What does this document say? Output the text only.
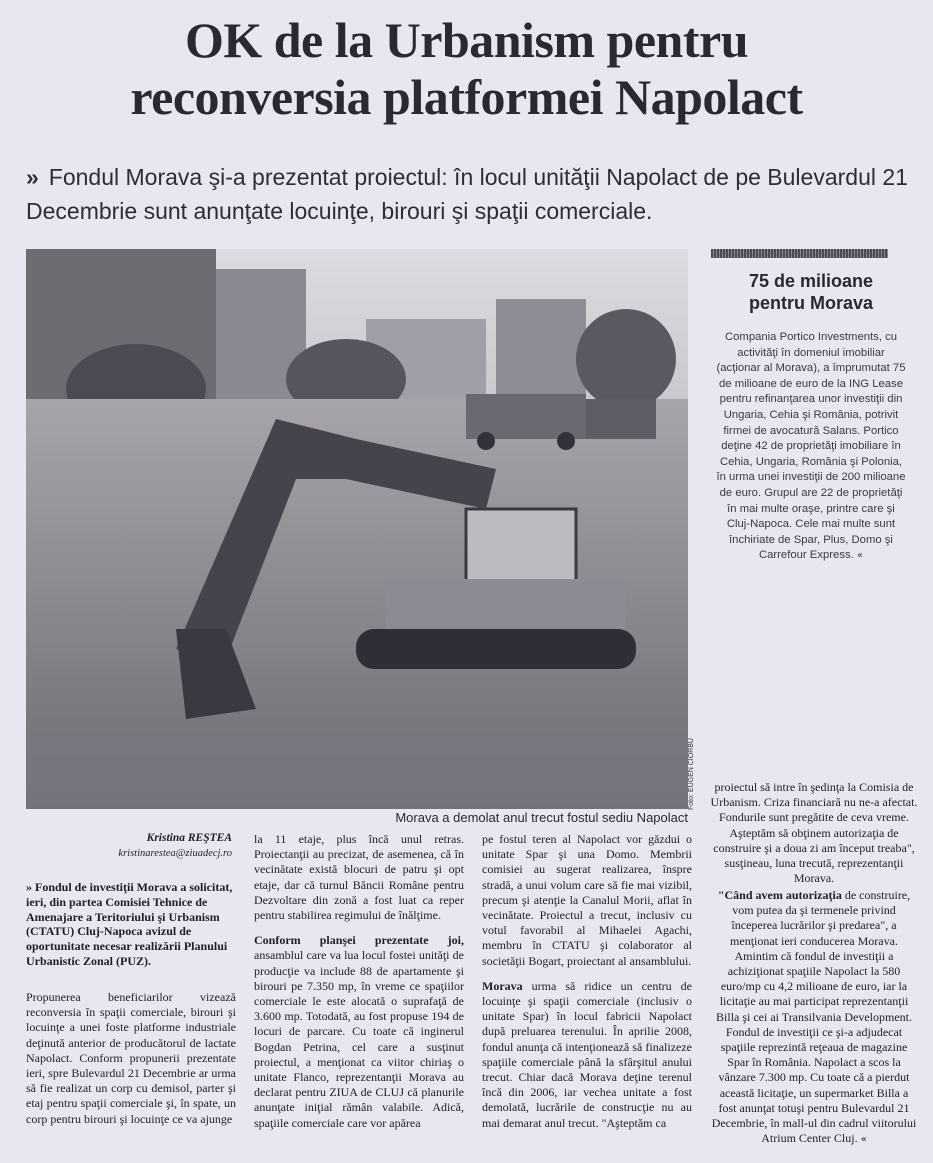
OK de la Urbanism pentru
reconversia platformei Napolact
» Fondul Morava şi-a prezentat proiectul: în locul unităţii Napolact de pe Bulevardul 21 Decembrie sunt anunţate locuinţe, birouri şi spaţii comerciale.
Foto: EUGEN CIORBU
Morava a demolat anul trecut fostul sediu Napolact
75 de milioane
pentru Morava
Compania Portico Investments, cu activităţi în domeniul imobiliar (acţionar al Morava), a împrumutat 75 de milioane de euro de la ING Lease pentru refinanţarea unor investiţii din Ungaria, Cehia şi România, potrivit firmei de avocatură Salans. Portico deţine 42 de proprietăţi imobiliare în Cehia, Ungaria, România şi Polonia, în urma unei investiţii de 200 milioane de euro. Grupul are 22 de proprietăţi în mai multe oraşe, printre care şi Cluj-Napoca. Cele mai multe sunt închiriate de Spar, Plus, Domo şi Carrefour Express. «
Kristina REŞTEA
kristinarestea@ziuadecj.ro
» Fondul de investiţii Morava a solicitat, ieri, din partea Comisiei Tehnice de Amenajare a Teritoriului şi Urbanism (CTATU) Cluj-Napoca avizul de oportunitate necesar realizării Planului Urbanistic Zonal (PUZ).

Propunerea beneficiarilor vizează reconversia în spaţii comerciale, birouri şi locuinţe a unei foste platforme industriale deţinută anterior de producătorul de lactate Napolact. Conform propunerii prezentate ieri, spre Bulevardul 21 Decembrie ar urma să fie realizat un corp cu demisol, parter şi etaj pentru spaţii comerciale şi, în spate, un corp pentru birouri şi locuinţe ce va ajunge

la 11 etaje, plus încă unul retras. Proiectanţii au precizat, de asemenea, că în vecinătate există blocuri de patru şi opt etaje, dar că turnul Băncii Române pentru Dezvoltare din zonă a fost luat ca reper pentru stabilirea regimului de înălţime.

Conform planşei prezentate joi, ansamblul care va lua locul fostei unităţi de producţie va include 88 de apartamente şi birouri pe 7.350 mp, în vreme ce spaţiilor comerciale le este alocată o suprafaţă de 3.600 mp. Totodată, au fost propuse 194 de locuri de parcare. Cu toate că inginerul Bogdan Petrina, cel care a susţinut proiectul, a menţionat ca viitor chiriaş o unitate Flanco, reprezentanţii Morava au declarat pentru ZIUA de CLUJ că planurile anunţate iniţial rămân valabile. Adică, spaţiile comerciale care vor apărea

pe fostul teren al Napolact vor găzdui o unitate Spar şi una Domo. Membrii comisiei au sugerat realizarea, înspre stradă, a unui volum care să fie mai vizibil, precum şi atenţie la Canalul Morii, aflat în vecinătate. Proiectul a trecut, inclusiv cu votul favorabil al Mihaelei Agachi, membru în CTATU şi colaborator al societăţii Bogart, proiectant al ansamblului.

Morava urma să ridice un centru de locuinţe şi spaţii comerciale (inclusiv o unitate Spar) în locul fabricii Napolact după preluarea terenului. În aprilie 2008, fondul anunţa că intenţionează să finalizeze spaţiile comerciale până la sfârşitul anului trecut. Chiar dacă Morava deţine terenul încă din 2006, iar vechea unitate a fost demolată, lucrările de construcţie nu au mai demarat anul trecut. "Aşteptăm ca

proiectul să intre în şedinţa la Comisia de Urbanism. Criza financiară nu ne-a afectat. Fondurile sunt pregătite de ceva vreme. Aşteptăm să obţinem autorizaţia de construire şi a doua zi am început treaba", susţineau, luna trecută, reprezentanţii Morava.

"Când avem autorizaţia de construire, vom putea da şi termenele privind începerea lucrărilor şi predarea", a menţionat ieri conducerea Morava. Amintim că fondul de investiţii a achiziţionat spaţiile Napolact la 580 euro/mp cu 4,2 milioane de euro, iar la licitaţie au mai participat reprezentanţii Billa şi cei ai Transilvania Development. Fondul de investiţii ce şi-a adjudecat spaţiile reprezintă reţeaua de magazine Spar în România. Napolact a scos la vânzare 7.300 mp. Cu toate că a pierdut această licitaţie, un supermarket Billa a fost anunţat totuşi pentru Bulevardul 21 Decembrie, în mall-ul din cadrul viitorului Atrium Center Cluj. «
